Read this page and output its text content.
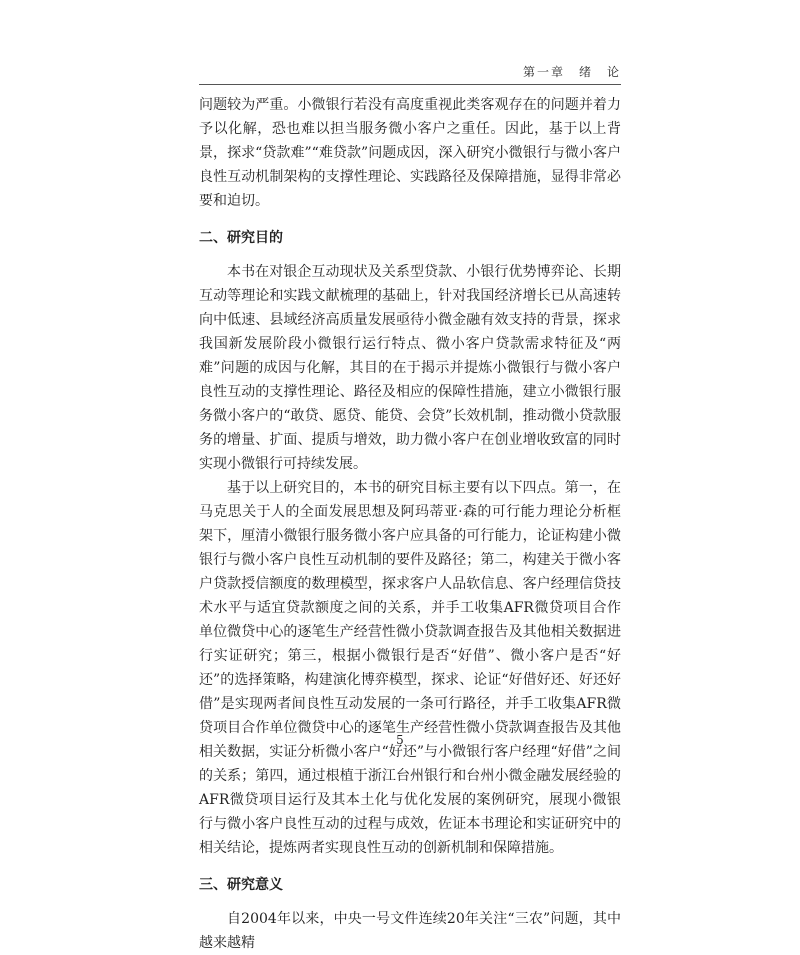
第一章　绪　论

问题较为严重。小微银行若没有高度重视此类客观存在的问题并着力予以化解，恐也难以担当服务微小客户之重任。因此，基于以上背景，探求“贷款难”“难贷款”问题成因，深入研究小微银行与微小客户良性互动机制架构的支撑性理论、实践路径及保障措施，显得非常必要和迫切。

二、研究目的

本书在对银企互动现状及关系型贷款、小银行优势博弈论、长期互动等理论和实践文献梳理的基础上，针对我国经济增长已从高速转向中低速、县域经济高质量发展亟待小微金融有效支持的背景，探求我国新发展阶段小微银行运行特点、微小客户贷款需求特征及“两难”问题的成因与化解，其目的在于揭示并提炼小微银行与微小客户良性互动的支撑性理论、路径及相应的保障性措施，建立小微银行服务微小客户的“敢贷、愿贷、能贷、会贷”长效机制，推动微小贷款服务的增量、扩面、提质与增效，助力微小客户在创业增收致富的同时实现小微银行可持续发展。

基于以上研究目的，本书的研究目标主要有以下四点。第一，在马克思关于人的全面发展思想及阿玛蒂亚·森的可行能力理论分析框架下，厘清小微银行服务微小客户应具备的可行能力，论证构建小微银行与微小客户良性互动机制的要件及路径；第二，构建关于微小客户贷款授信额度的数理模型，探求客户人品软信息、客户经理信贷技术水平与适宜贷款额度之间的关系，并手工收集AFR微贷项目合作单位微贷中心的逐笔生产经营性微小贷款调查报告及其他相关数据进行实证研究；第三，根据小微银行是否“好借”、微小客户是否“好还”的选择策略，构建演化博弈模型，探求、论证“好借好还、好还好借”是实现两者间良性互动发展的一条可行路径，并手工收集AFR微贷项目合作单位微贷中心的逐笔生产经营性微小贷款调查报告及其他相关数据，实证分析微小客户“好还”与小微银行客户经理“好借”之间的关系；第四，通过根植于浙江台州银行和台州小微金融发展经验的AFR微贷项目运行及其本土化与优化发展的案例研究，展现小微银行与微小客户良性互动的过程与成效，佐证本书理论和实证研究中的相关结论，提炼两者实现良性互动的创新机制和保障措施。

三、研究意义

自2004年以来，中央一号文件连续20年关注“三农”问题，其中越来越精

5
